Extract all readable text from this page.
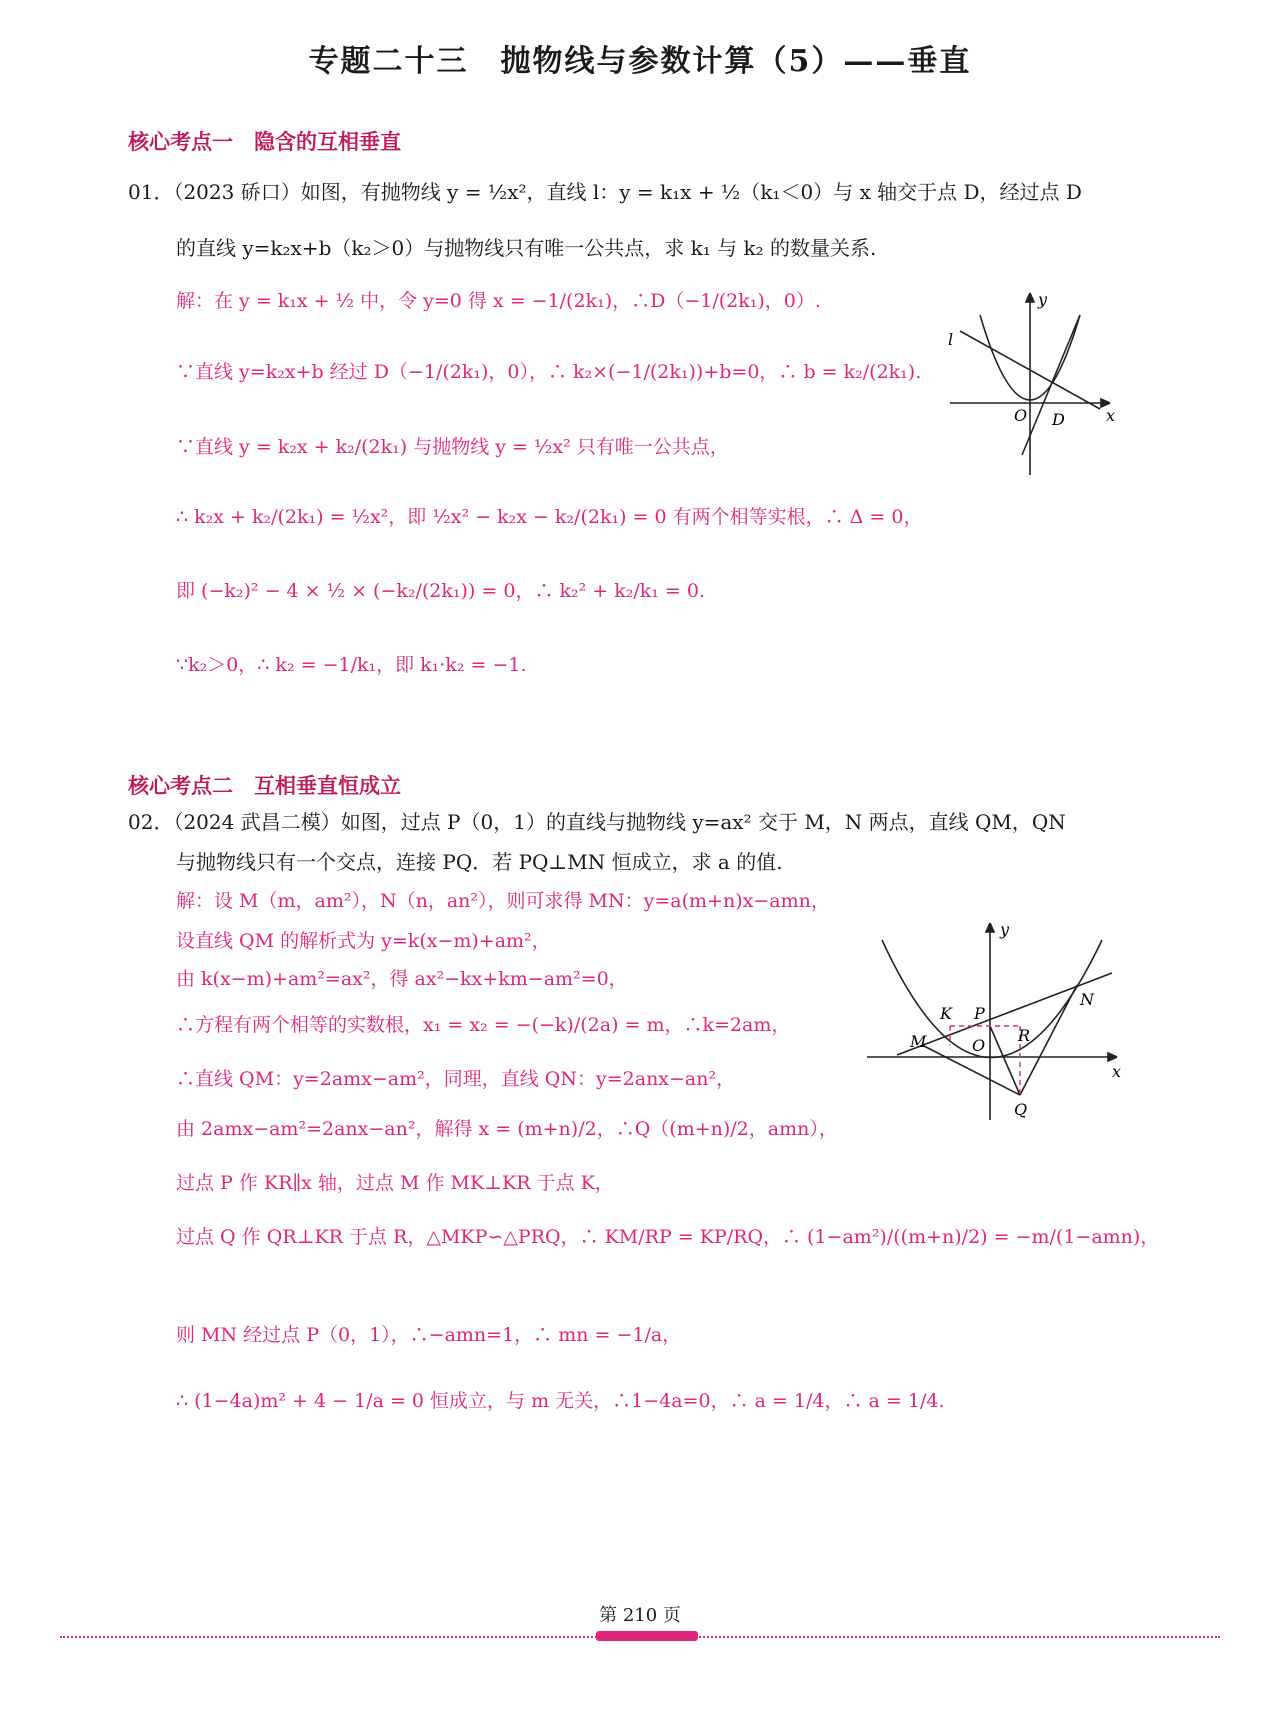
专题二十三　抛物线与参数计算（5）——垂直
核心考点一　隐含的互相垂直
01．（2023 硚口）如图，有抛物线 y = ½x²，直线 l：y = k₁x + ½（k₁＜0）与 x 轴交于点 D，经过点 D
的直线 y=k₂x+b（k₂＞0）与抛物线只有唯一公共点，求 k₁ 与 k₂ 的数量关系.
解：在 y = k₁x + ½ 中，令 y=0 得 x = −1/(2k₁)，∴D（−1/(2k₁)，0）.
∵直线 y=k₂x+b 经过 D（−1/(2k₁)，0），∴ k₂×(−1/(2k₁))+b=0，∴ b = k₂/(2k₁).
∵直线 y = k₂x + k₂/(2k₁) 与抛物线 y = ½x² 只有唯一公共点，
∴ k₂x + k₂/(2k₁) = ½x²，即 ½x² − k₂x − k₂/(2k₁) = 0 有两个相等实根，∴ Δ = 0，
即 (−k₂)² − 4 × ½ × (−k₂/(2k₁)) = 0，∴ k₂² + k₂/k₁ = 0.
∵k₂＞0，∴ k₂ = −1/k₁，即 k₁·k₂ = −1.
y
x
l
O D
核心考点二　互相垂直恒成立
02．（2024 武昌二模）如图，过点 P（0，1）的直线与抛物线 y=ax² 交于 M，N 两点，直线 QM，QN
与抛物线只有一个交点，连接 PQ．若 PQ⊥MN 恒成立，求 a 的值.
解：设 M（m，am²），N（n，an²），则可求得 MN：y=a(m+n)x−amn，
设直线 QM 的解析式为 y=k(x−m)+am²，
由 k(x−m)+am²=ax²，得 ax²−kx+km−am²=0，
∴方程有两个相等的实数根，x₁ = x₂ = −(−k)/(2a) = m，∴k=2am，
∴直线 QM：y=2amx−am²，同理，直线 QN：y=2anx−an²，
由 2amx−am²=2anx−an²，解得 x = (m+n)/2，∴Q（(m+n)/2，amn），
过点 P 作 KR∥x 轴，过点 M 作 MK⊥KR 于点 K，
过点 Q 作 QR⊥KR 于点 R，△MKP∽△PRQ，∴ KM/RP = KP/RQ，∴ (1−am²)/((m+n)/2) = −m/(1−amn)，
则 MN 经过点 P（0，1），∴−amn=1，∴ mn = −1/a，
∴ (1−4a)m² + 4 − 1/a = 0 恒成立，与 m 无关，∴1−4a=0，∴ a = 1/4，∴ a = 1/4.
y
x
K P
N
M	O
R
Q
第 210 页
